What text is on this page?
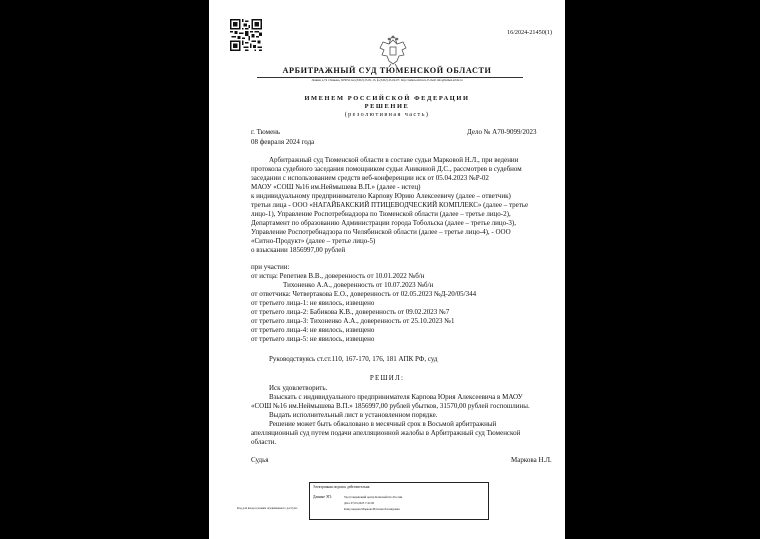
16/2024-21450(1)
АРБИТРАЖНЫЙ СУД ТЮМЕНСКОЙ ОБЛАСТИ
Ленина д.74 г.Тюмень, 625052,тел.(3452) 25-81-13, ф.(3452) 45-02-07, http://tumen.arbitr.ru, E-mail: info@tumen.arbitr.ru
ИМЕНЕМ РОССИЙСКОЙ ФЕДЕРАЦИИ
РЕШЕНИЕ
(резолютивная часть)
г. Тюмень	Дело № А70-9099/2023
08 февраля 2024 года
Арбитражный суд Тюменской области в составе судьи Марковой Н.Л., при ведении
протокола судебного заседания помощником судьи Аникиной Д.С., рассмотрев в судебном
заседании с использованием средств веб-конференции иск от 05.04.2023 №Р-02
МАОУ «СОШ №16 им.Неймышева В.П.» (далее - истец)
к индивидуальному предпринимателю Карпову Юрию Алексеевичу (далее – ответчик)
третьи лица - ООО «НАГАЙБАКСКИЙ ПТИЦЕВОДЧЕСКИЙ КОМПЛЕКС» (далее – третье
лицо-1), Управление Роспотребнадзора по Тюменской области (далее – третье лицо-2),
Департамент по образованию Администрации города Тобольска (далее – третье лицо-3),
Управление Роспотребнадзора по Челябинской области (далее – третье лицо-4), - ООО
«Ситно-Продукт» (далее – третье лицо-5)
о взыскании 1856997,00 рублей
при участии:
от истца: Репетнев В.В., доверенность от 10.01.2022 №б/н
Тихоненко А.А., доверенность от 10.07.2023 №б/н
от ответчика: Четвертакова Е.О., доверенность от 02.05.2023 №Д-20/05/344
от третьего лица-1: не явилось, извещено
от третьего лица-2: Бабикова К.В., доверенность от 09.02.2023 №7
от третьего лица-3: Тихоненко А.А., доверенность от 25.10.2023 №1
от третьего лица-4: не явилось, извещено
от третьего лица-5: не явилось, извещено
Руководствуясь ст.ст.110, 167-170, 176, 181 АПК РФ, суд
РЕШИЛ:
Иск удовлетворить.
Взыскать с индивидуального предпринимателя Карпова Юрия Алексеевича в МАОУ
«СОШ №16 им.Неймышева В.П.» 1856997,00 рублей убытков, 31570,00 рублей госпошлины.
Выдать исполнительный лист в установленном порядке.
Решение может быть обжаловано в месячный срок в Восьмой арбитражный
апелляционный суд путем подачи апелляционной жалобы в Арбитражный суд Тюменской
области.
Судья	Маркова Н.Л.
Электронная подпись действительна.
Данные ЭП:	Удостоверяющий центр Казначейство России
Дата 07.03.2023 7:41:00
Кому выдана Маркова Наталья Леонидовна
Код для входа в режим ограниченного доступа:
